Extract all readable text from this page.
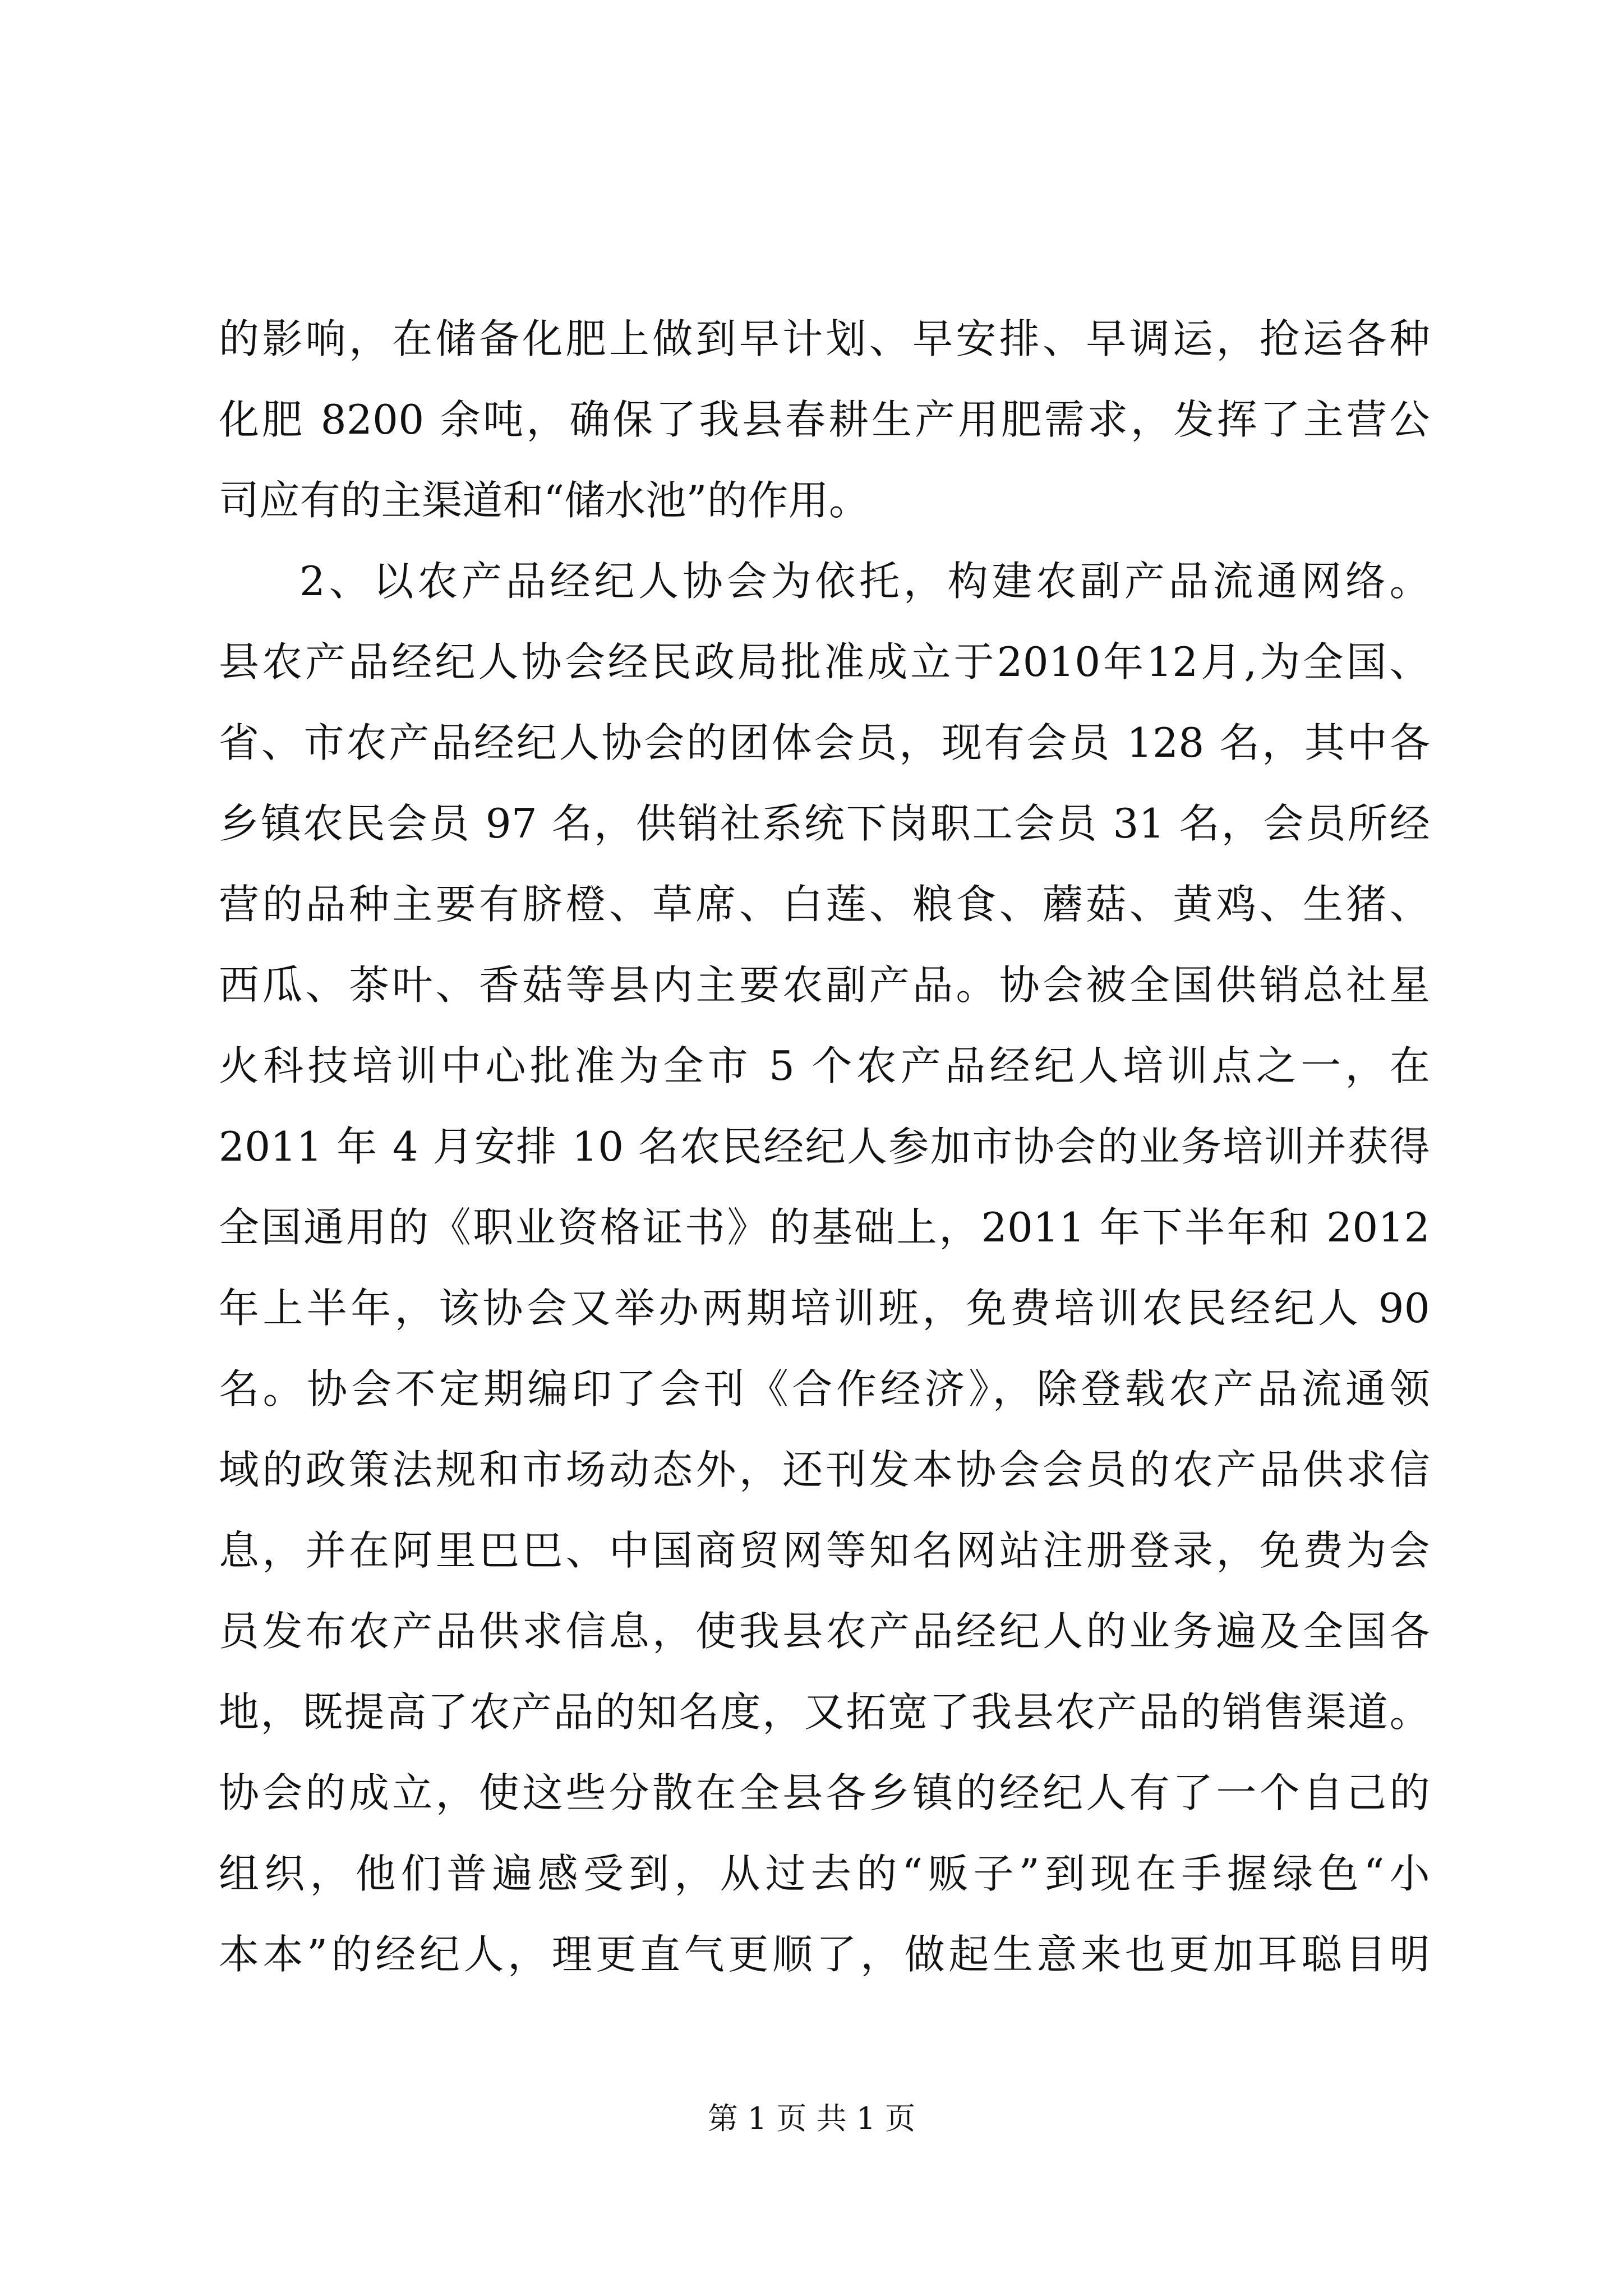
的影响，在储备化肥上做到早计划、早安排、早调运，抢运各种
化肥 8200 余吨，确保了我县春耕生产用肥需求，发挥了主营公
司应有的主渠道和“储水池”的作用。
2、以农产品经纪人协会为依托，构建农副产品流通网络。
县农产品经纪人协会经民政局批准成立于2010年12月,为全国、
省、市农产品经纪人协会的团体会员，现有会员 128 名，其中各
乡镇农民会员 97 名，供销社系统下岗职工会员 31 名，会员所经
营的品种主要有脐橙、草席、白莲、粮食、蘑菇、黄鸡、生猪、
西瓜、茶叶、香菇等县内主要农副产品。协会被全国供销总社星
火科技培训中心批准为全市 5 个农产品经纪人培训点之一，在
2011 年 4 月安排 10 名农民经纪人参加市协会的业务培训并获得
全国通用的《职业资格证书》的基础上，2011 年下半年和 2012
年上半年，该协会又举办两期培训班，免费培训农民经纪人 90
名。协会不定期编印了会刊《合作经济》，除登载农产品流通领
域的政策法规和市场动态外，还刊发本协会会员的农产品供求信
息，并在阿里巴巴、中国商贸网等知名网站注册登录，免费为会
员发布农产品供求信息，使我县农产品经纪人的业务遍及全国各
地，既提高了农产品的知名度，又拓宽了我县农产品的销售渠道。
协会的成立，使这些分散在全县各乡镇的经纪人有了一个自己的
组织，他们普遍感受到，从过去的“贩子”到现在手握绿色“小
本本”的经纪人，理更直气更顺了，做起生意来也更加耳聪目明
第 1 页 共 1 页
